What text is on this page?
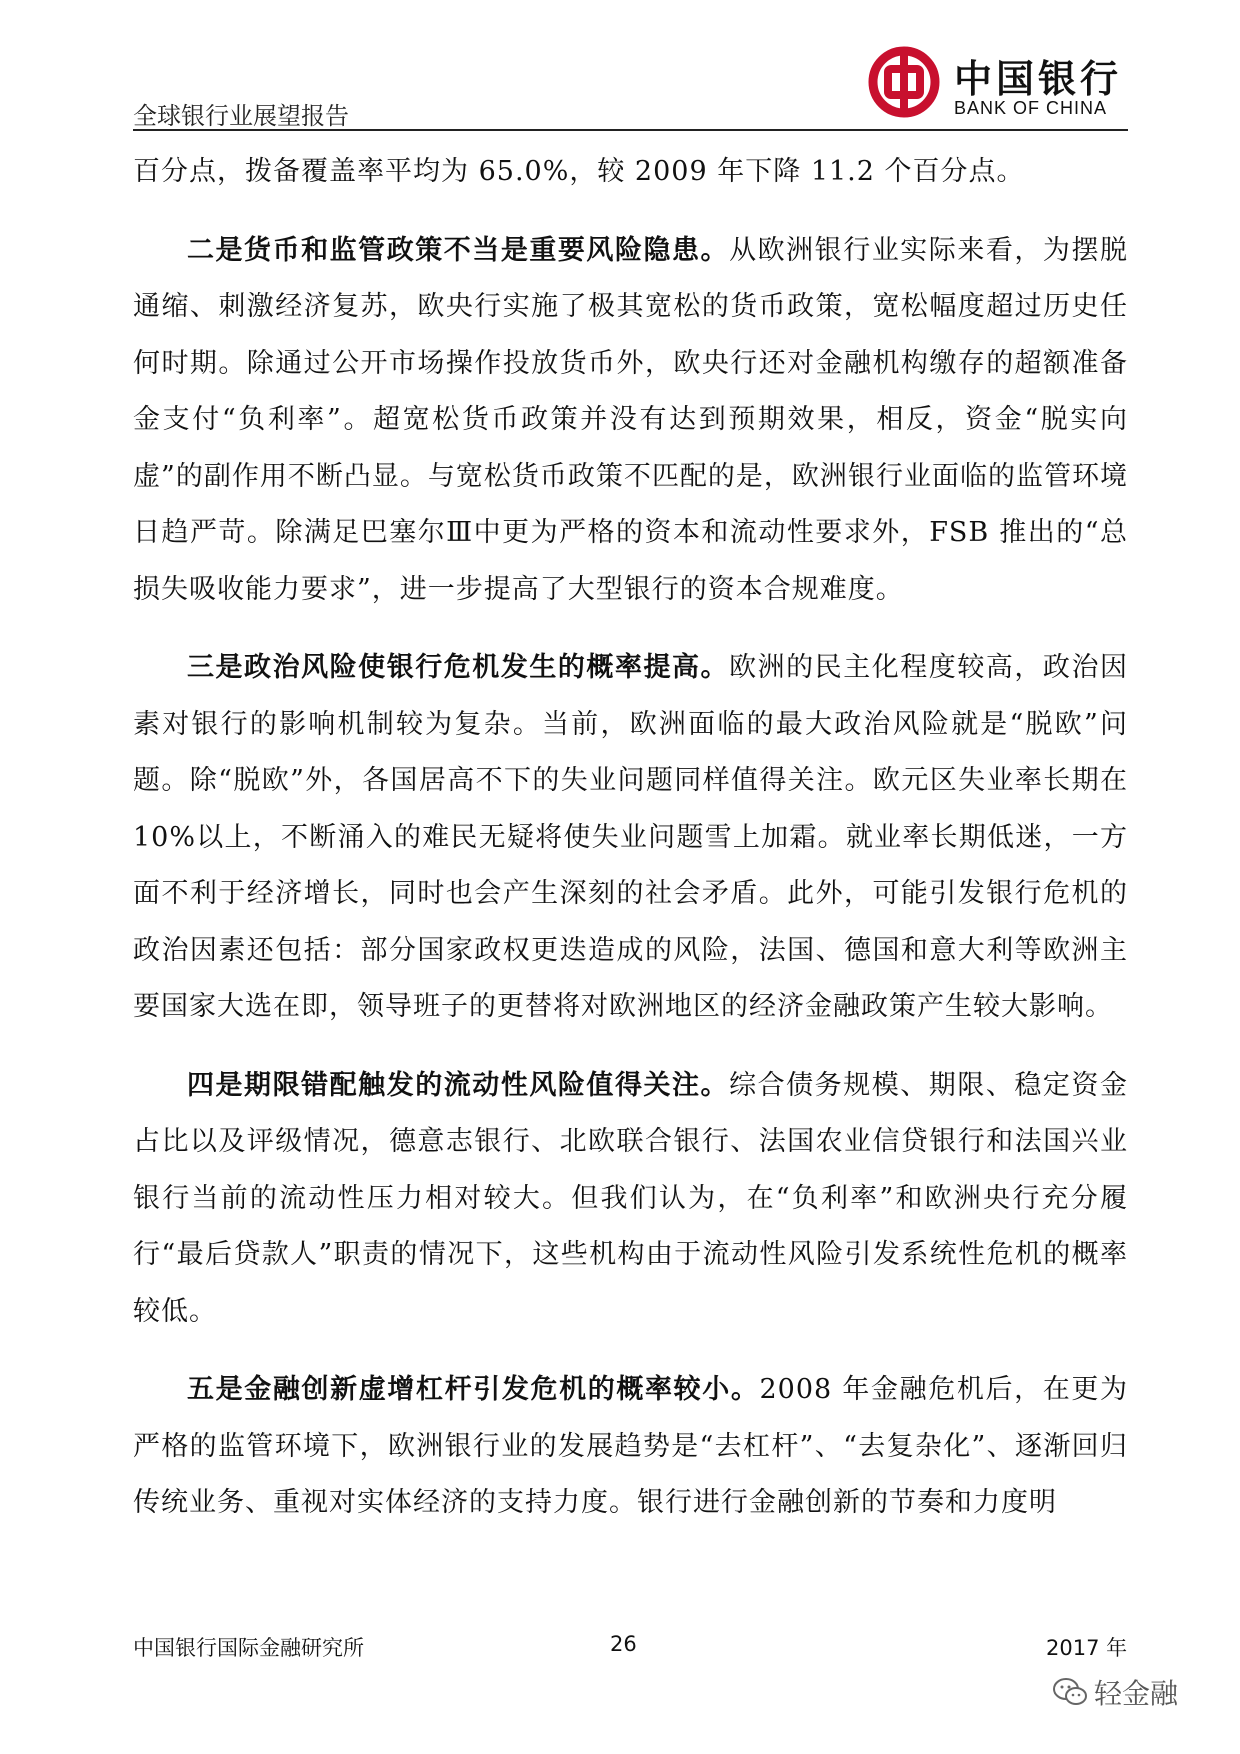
全球银行业展望报告
中国银行
BANK OF CHINA

百分点，拨备覆盖率平均为 65.0%，较 2009 年下降 11.2 个百分点。

二是货币和监管政策不当是重要风险隐患。从欧洲银行业实际来看，为摆脱通缩、刺激经济复苏，欧央行实施了极其宽松的货币政策，宽松幅度超过历史任何时期。除通过公开市场操作投放货币外，欧央行还对金融机构缴存的超额准备金支付“负利率”。超宽松货币政策并没有达到预期效果，相反，资金“脱实向虚”的副作用不断凸显。与宽松货币政策不匹配的是，欧洲银行业面临的监管环境日趋严苛。除满足巴塞尔Ⅲ中更为严格的资本和流动性要求外，FSB 推出的“总损失吸收能力要求”，进一步提高了大型银行的资本合规难度。

三是政治风险使银行危机发生的概率提高。欧洲的民主化程度较高，政治因素对银行的影响机制较为复杂。当前，欧洲面临的最大政治风险就是“脱欧”问题。除“脱欧”外，各国居高不下的失业问题同样值得关注。欧元区失业率长期在 10%以上，不断涌入的难民无疑将使失业问题雪上加霜。就业率长期低迷，一方面不利于经济增长，同时也会产生深刻的社会矛盾。此外，可能引发银行危机的政治因素还包括：部分国家政权更迭造成的风险，法国、德国和意大利等欧洲主要国家大选在即，领导班子的更替将对欧洲地区的经济金融政策产生较大影响。

四是期限错配触发的流动性风险值得关注。综合债务规模、期限、稳定资金占比以及评级情况，德意志银行、北欧联合银行、法国农业信贷银行和法国兴业银行当前的流动性压力相对较大。但我们认为，在“负利率”和欧洲央行充分履行“最后贷款人”职责的情况下，这些机构由于流动性风险引发系统性危机的概率较低。

五是金融创新虚增杠杆引发危机的概率较小。2008 年金融危机后，在更为严格的监管环境下，欧洲银行业的发展趋势是“去杠杆”、“去复杂化”、逐渐回归传统业务、重视对实体经济的支持力度。银行进行金融创新的节奏和力度明

中国银行国际金融研究所	26	2017 年
轻金融
